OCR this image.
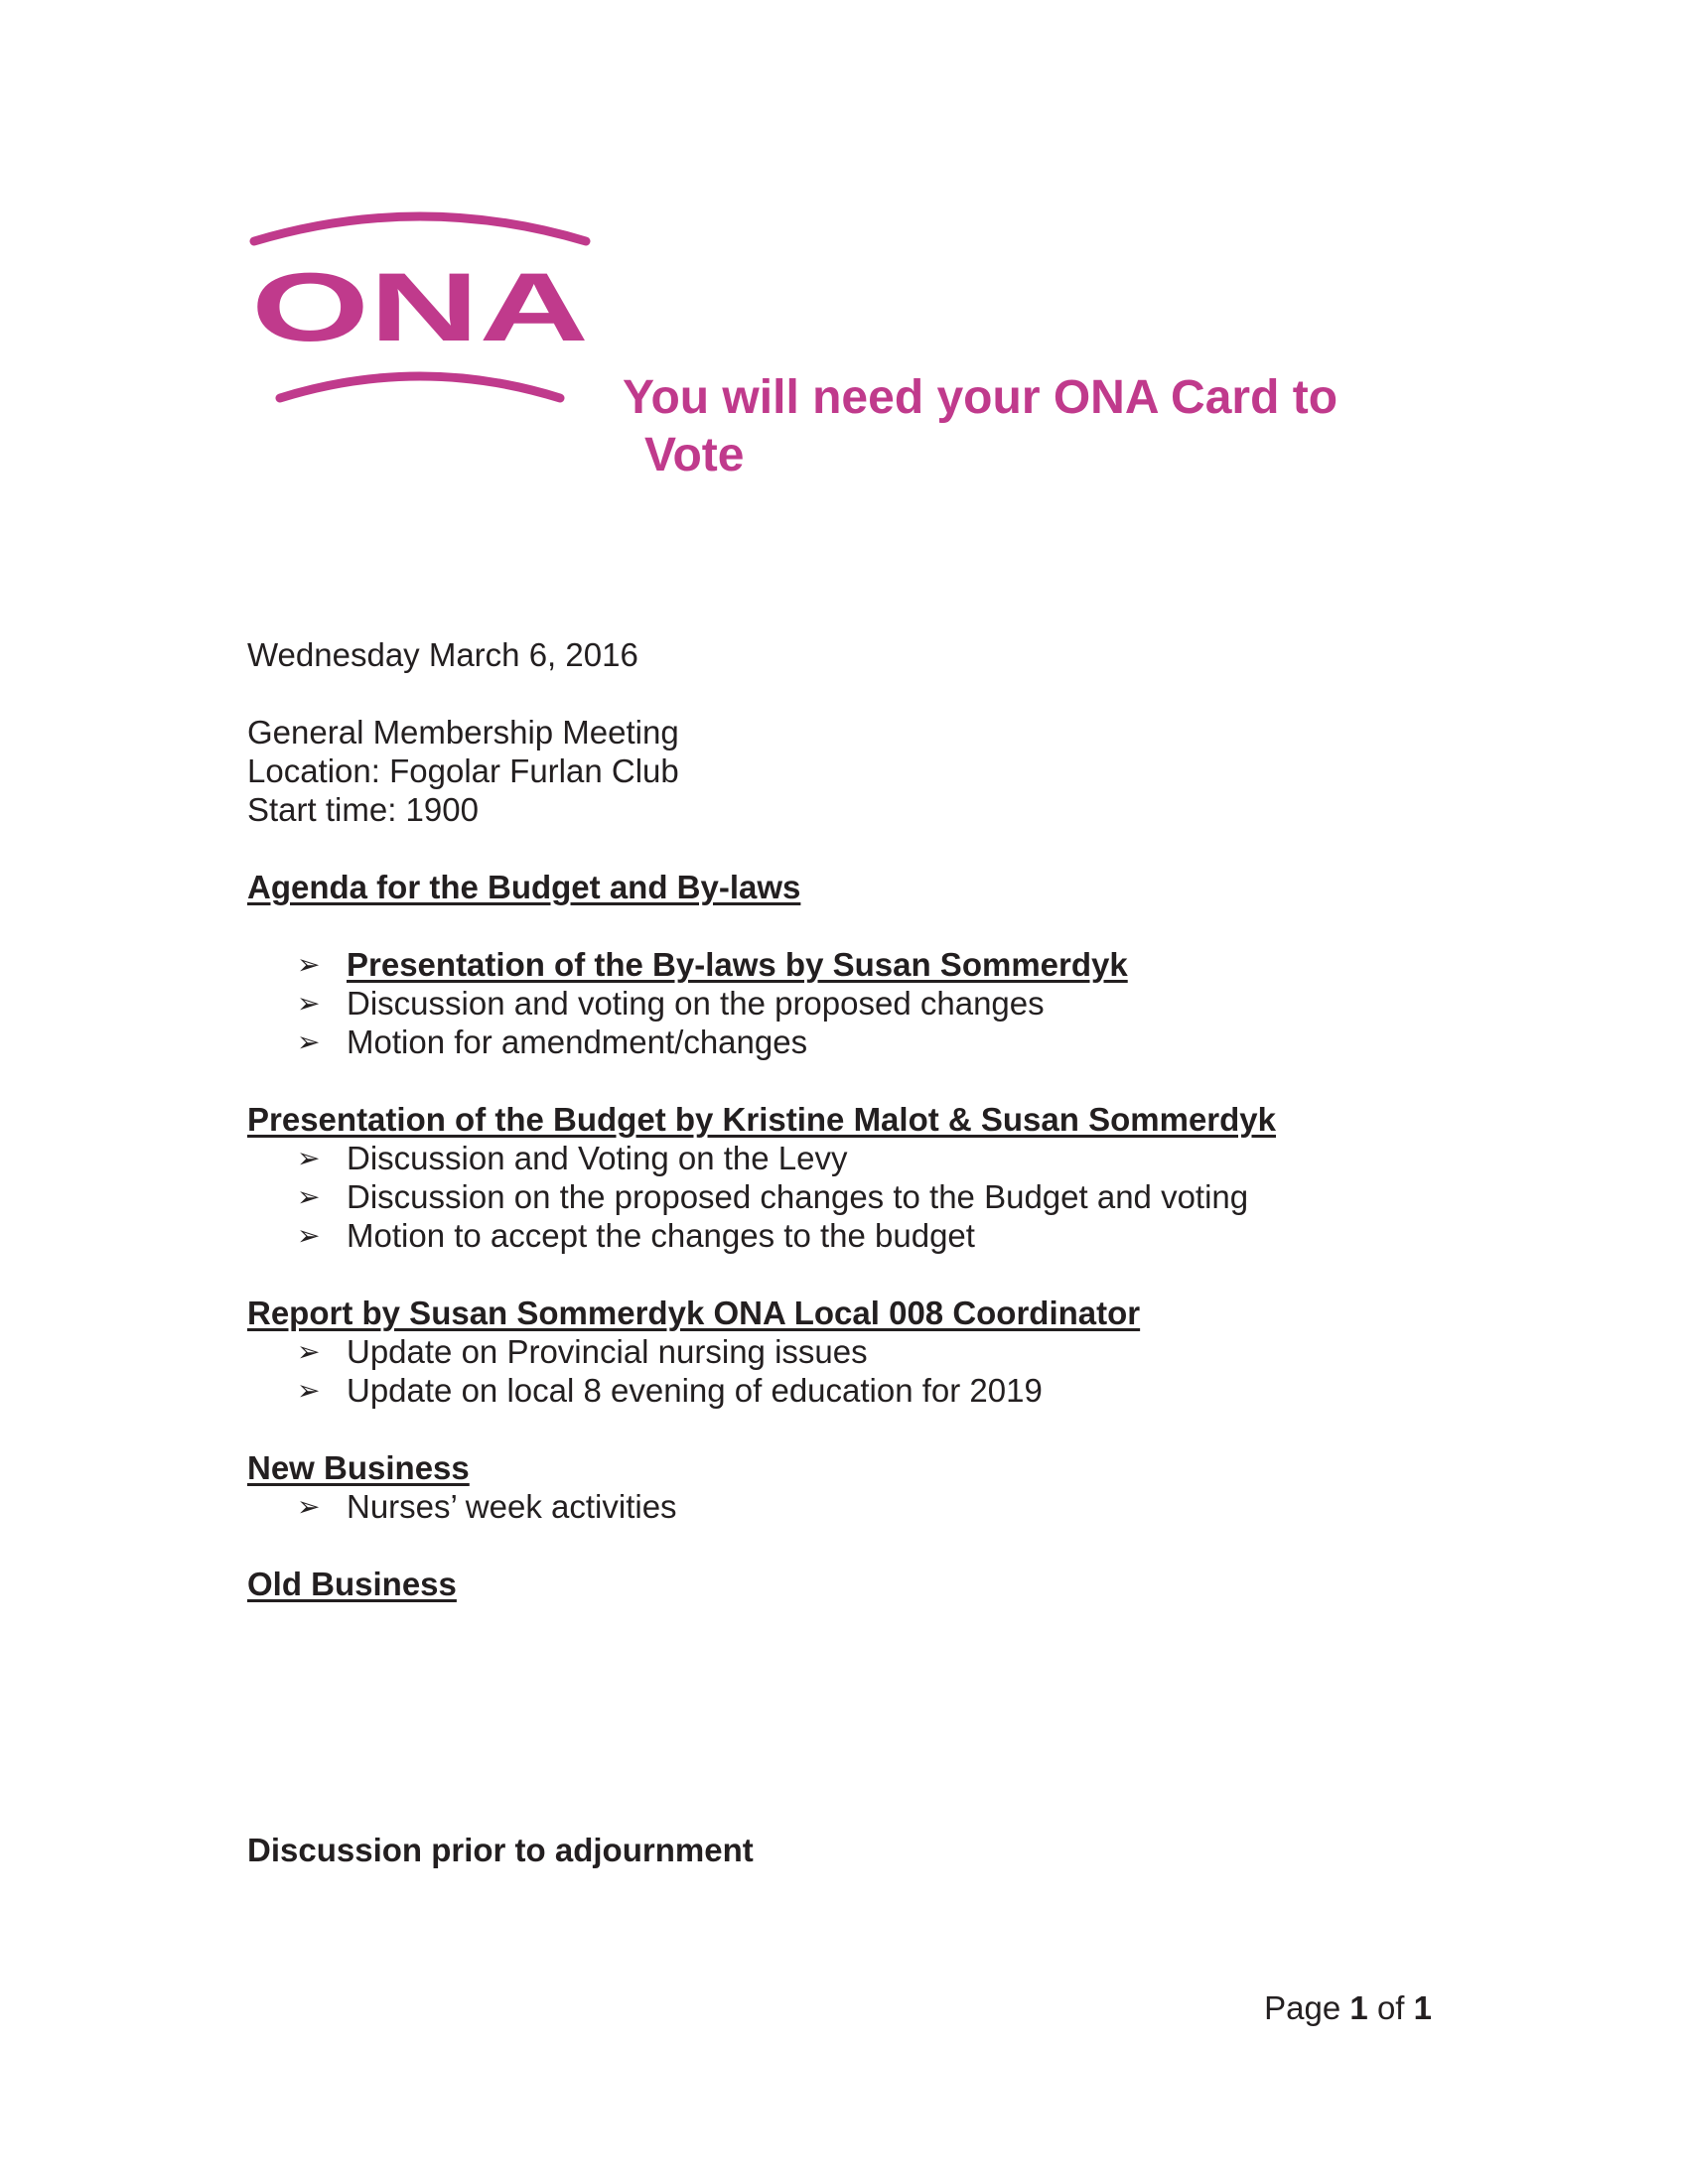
ONA
You will need your ONA Card to
Vote
Wednesday March 6, 2016
General Membership Meeting
Location: Fogolar Furlan Club
Start time: 1900
Agenda for the Budget and By-laws
➢ Presentation of the By-laws by Susan Sommerdyk
➢ Discussion and voting on the proposed changes
➢ Motion for amendment/changes
Presentation of the Budget by Kristine Malot & Susan Sommerdyk
➢ Discussion and Voting on the Levy
➢ Discussion on the proposed changes to the Budget and voting
➢ Motion to accept the changes to the budget
Report by Susan Sommerdyk ONA Local 008 Coordinator
➢ Update on Provincial nursing issues
➢ Update on local 8 evening of education for 2019
New Business
➢ Nurses’ week activities
Old Business
Discussion prior to adjournment
Page 1 of 1
